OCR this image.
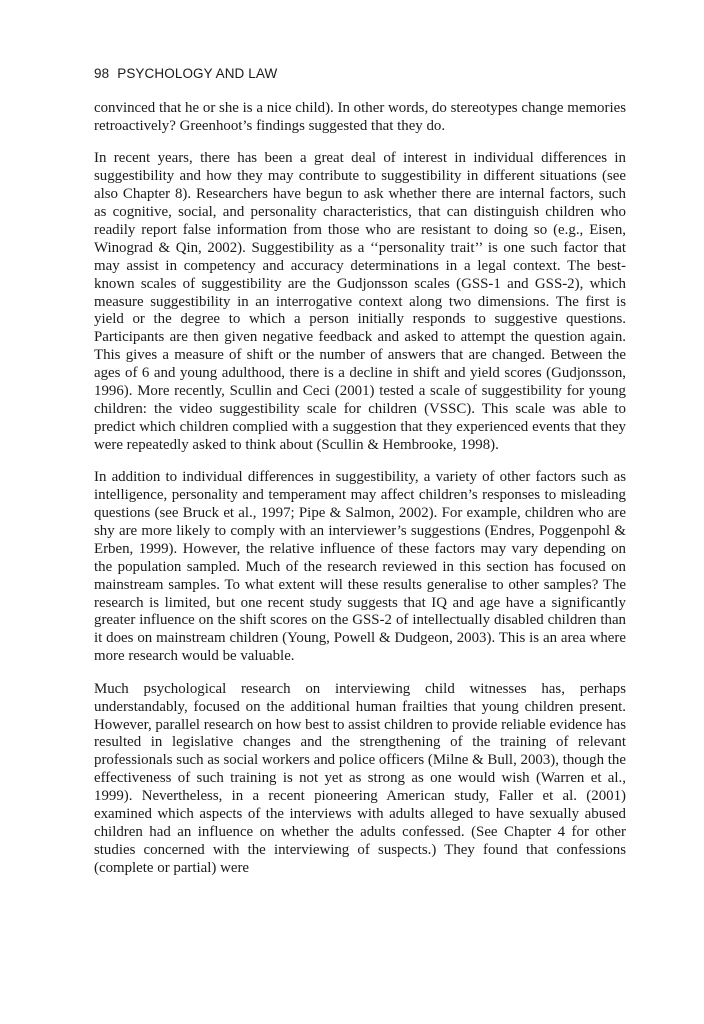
98 PSYCHOLOGY AND LAW

convinced that he or she is a nice child). In other words, do stereotypes change memories retroactively? Greenhoot’s findings suggested that they do.

In recent years, there has been a great deal of interest in individual differences in suggestibility and how they may contribute to suggestibility in different situations (see also Chapter 8). Researchers have begun to ask whether there are internal factors, such as cognitive, social, and personality characteristics, that can distinguish children who readily report false information from those who are resistant to doing so (e.g., Eisen, Winograd & Qin, 2002). Suggestibility as a ‘‘personality trait’’ is one such factor that may assist in competency and accuracy determinations in a legal context. The best-known scales of suggestibility are the Gudjonsson scales (GSS-1 and GSS-2), which measure suggestibility in an interrogative context along two dimensions. The first is yield or the degree to which a person initially responds to suggestive questions. Participants are then given negative feedback and asked to attempt the question again. This gives a measure of shift or the number of answers that are changed. Between the ages of 6 and young adulthood, there is a decline in shift and yield scores (Gudjonsson, 1996). More recently, Scullin and Ceci (2001) tested a scale of suggestibility for young children: the video suggestibility scale for children (VSSC). This scale was able to predict which children complied with a suggestion that they experienced events that they were repeatedly asked to think about (Scullin & Hembrooke, 1998).

In addition to individual differences in suggestibility, a variety of other factors such as intelligence, personality and temperament may affect children’s responses to misleading questions (see Bruck et al., 1997; Pipe & Salmon, 2002). For example, children who are shy are more likely to comply with an interviewer’s suggestions (Endres, Poggenpohl & Erben, 1999). However, the relative influence of these factors may vary depending on the population sampled. Much of the research reviewed in this section has focused on mainstream samples. To what extent will these results generalise to other samples? The research is limited, but one recent study suggests that IQ and age have a significantly greater influence on the shift scores on the GSS-2 of intellectually disabled children than it does on mainstream children (Young, Powell & Dudgeon, 2003). This is an area where more research would be valuable.

Much psychological research on interviewing child witnesses has, perhaps understandably, focused on the additional human frailties that young children present. However, parallel research on how best to assist children to provide reliable evidence has resulted in legislative changes and the strengthening of the training of relevant professionals such as social workers and police officers (Milne & Bull, 2003), though the effectiveness of such training is not yet as strong as one would wish (Warren et al., 1999). Nevertheless, in a recent pioneering American study, Faller et al. (2001) examined which aspects of the interviews with adults alleged to have sexually abused children had an influence on whether the adults confessed. (See Chapter 4 for other studies concerned with the interviewing of suspects.) They found that confessions (complete or partial) were
